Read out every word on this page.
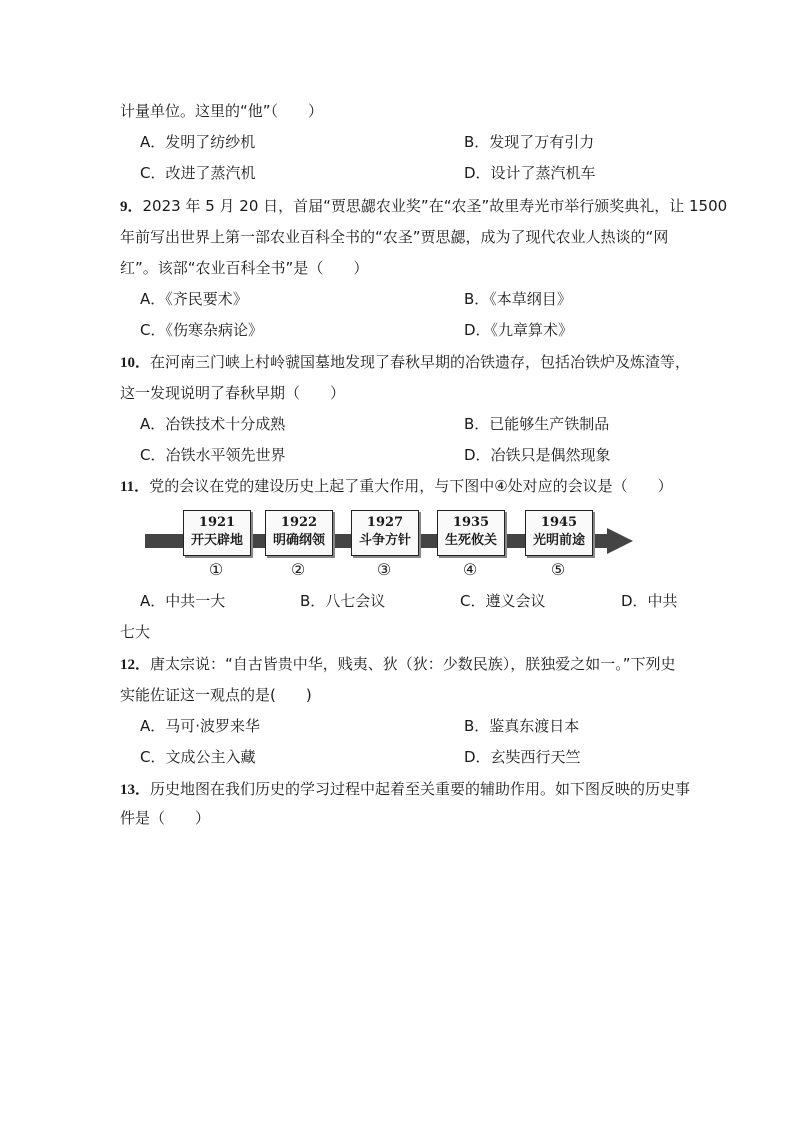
计量单位。这里的“他”（　　）
A．发明了纺纱机	B．发现了万有引力
C．改进了蒸汽机	D．设计了蒸汽机车
9．2023 年 5 月 20 日，首届“贾思勰农业奖”在“农圣”故里寿光市举行颁奖典礼，让 1500
年前写出世界上第一部农业百科全书的“农圣”贾思勰，成为了现代农业人热谈的“网
红”。该部“农业百科全书”是（　　）
A．《齐民要术》	B．《本草纲目》
C．《伤寒杂病论》	D．《九章算术》
10．在河南三门峡上村岭虢国墓地发现了春秋早期的冶铁遗存，包括冶铁炉及炼渣等，
这一发现说明了春秋早期（　　）
A．冶铁技术十分成熟	B．已能够生产铁制品
C．冶铁水平领先世界	D．冶铁只是偶然现象
11．党的会议在党的建设历史上起了重大作用，与下图中④处对应的会议是（　　）
1921
开天辟地
①
1922
明确纲领
②
1927
斗争方针
③
1935
生死攸关
④
1945
光明前途
⑤
A．中共一大	B．八七会议	C．遵义会议	D．中共
七大
12．唐太宗说：“自古皆贵中华，贱夷、狄（狄：少数民族），朕独爱之如一。”下列史
实能佐证这一观点的是(　　)
A．马可·波罗来华	B．鉴真东渡日本
C．文成公主入藏	D．玄奘西行天竺
13．历史地图在我们历史的学习过程中起着至关重要的辅助作用。如下图反映的历史事
件是（　　）
